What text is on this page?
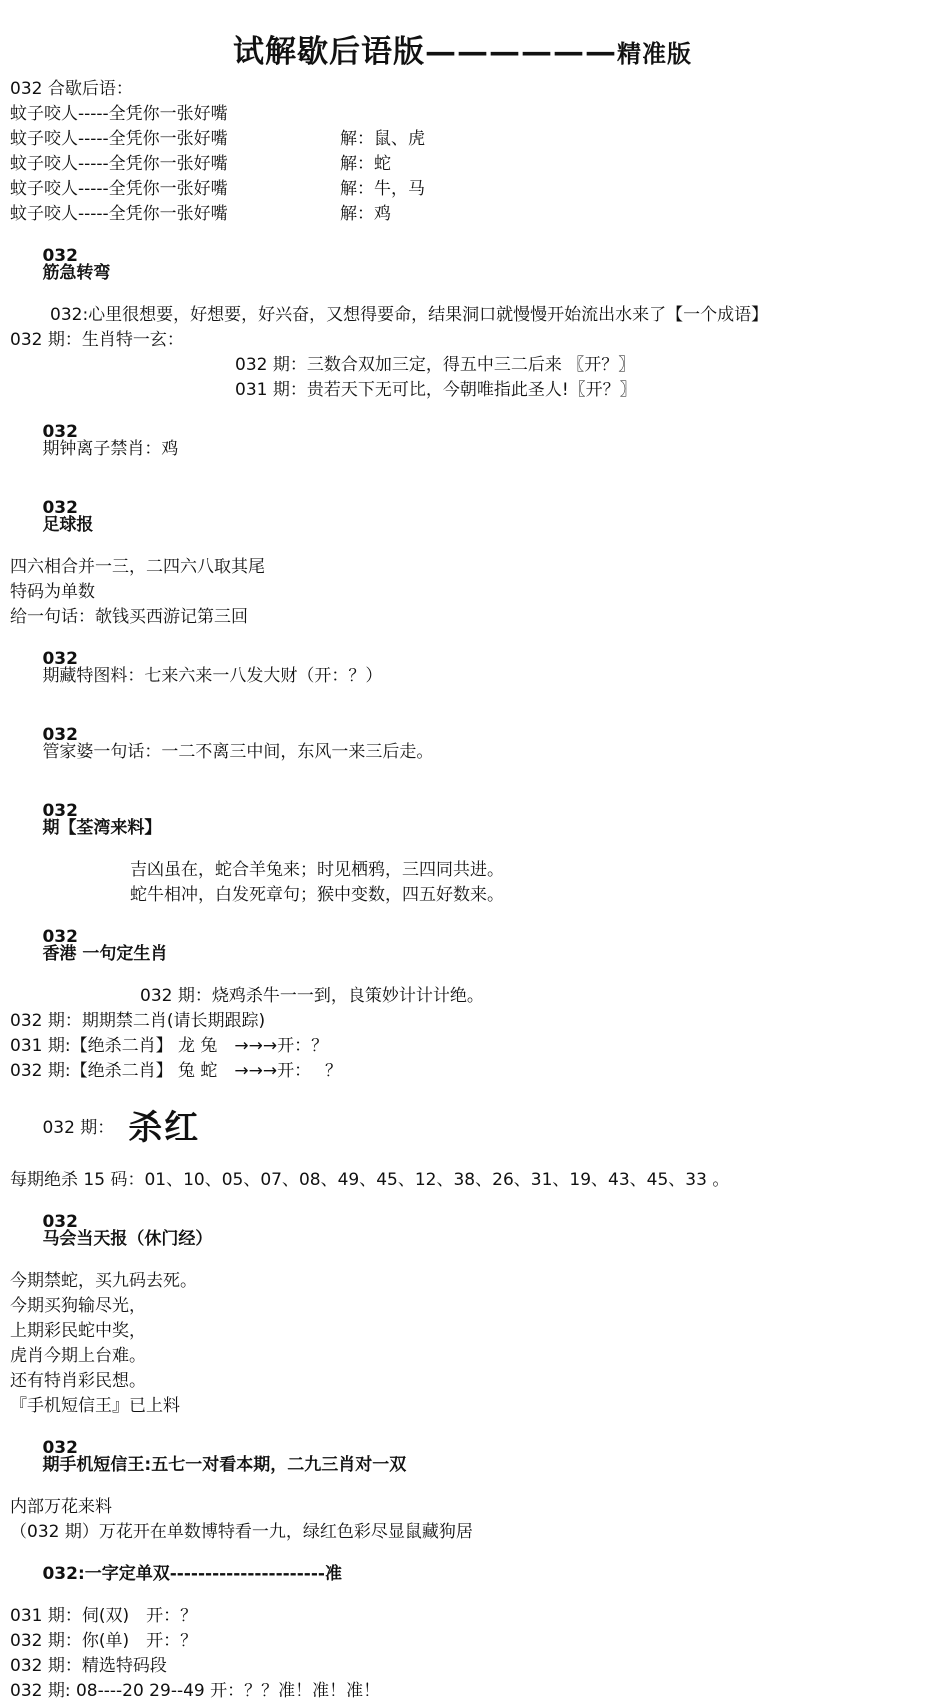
试解歇后语版——————精准版
032 合歇后语：
蚊子咬人-----全凭你一张好嘴
蚊子咬人-----全凭你一张好嘴	解：鼠、虎
蚊子咬人-----全凭你一张好嘴	解：蛇
蚊子咬人-----全凭你一张好嘴	解：牛，马
蚊子咬人-----全凭你一张好嘴	解：鸡

032
筋急转弯

032:心里很想要，好想要，好兴奋，又想得要命，结果洞口就慢慢开始流出水来了【一个成语】
032 期：生肖特一玄：
032 期：三数合双加三定，得五中三二后来 〖开？〗
031 期：贵若天下无可比，今朝唯指此圣人!〖开？〗

032
期钟离子禁肖：鸡

032
足球报

四六相合并一三，二四六八取其尾
特码为单数
给一句话：欹钱买西游记第三回

032
期藏特图料：七来六来一八发大财（开：？）

032
管家婆一句话：一二不离三中间，东风一来三后走。

032
期【荃湾来料】

吉凶虽在，蛇合羊兔来；时见栖鸦，三四同共进。
蛇牛相冲，白发死章句；猴中变数，四五好数来。

032
香港 一句定生肖

032 期：烧鸡杀牛一一到，良策妙计计计绝。
032 期：期期禁二肖(请长期跟踪)
031 期:【绝杀二肖】 龙 兔　→→→开：？
032 期:【绝杀二肖】 兔 蛇　→→→开：　 ？

032 期： 杀红

每期绝杀 15 码：01、10、05、07、08、49、45、12、38、26、31、19、43、45、33 。

032
马会当天报（休门经）

今期禁蛇，买九码去死。
今期买狗输尽光，
上期彩民蛇中奖，
虎肖今期上台难。
还有特肖彩民想。
『手机短信王』已上料

032
期手机短信王:五七一对看本期，二九三肖对一双

内部万花来料
（032 期）万花开在单数博特看一九，绿红色彩尽显鼠藏狗居

032:一字定单双----------------------准

031 期：伺(双)　开：？
032 期：你(单)　开：？
032 期：精选特码段
032 期: 08----20 29--49 开：？？准！准！准！
